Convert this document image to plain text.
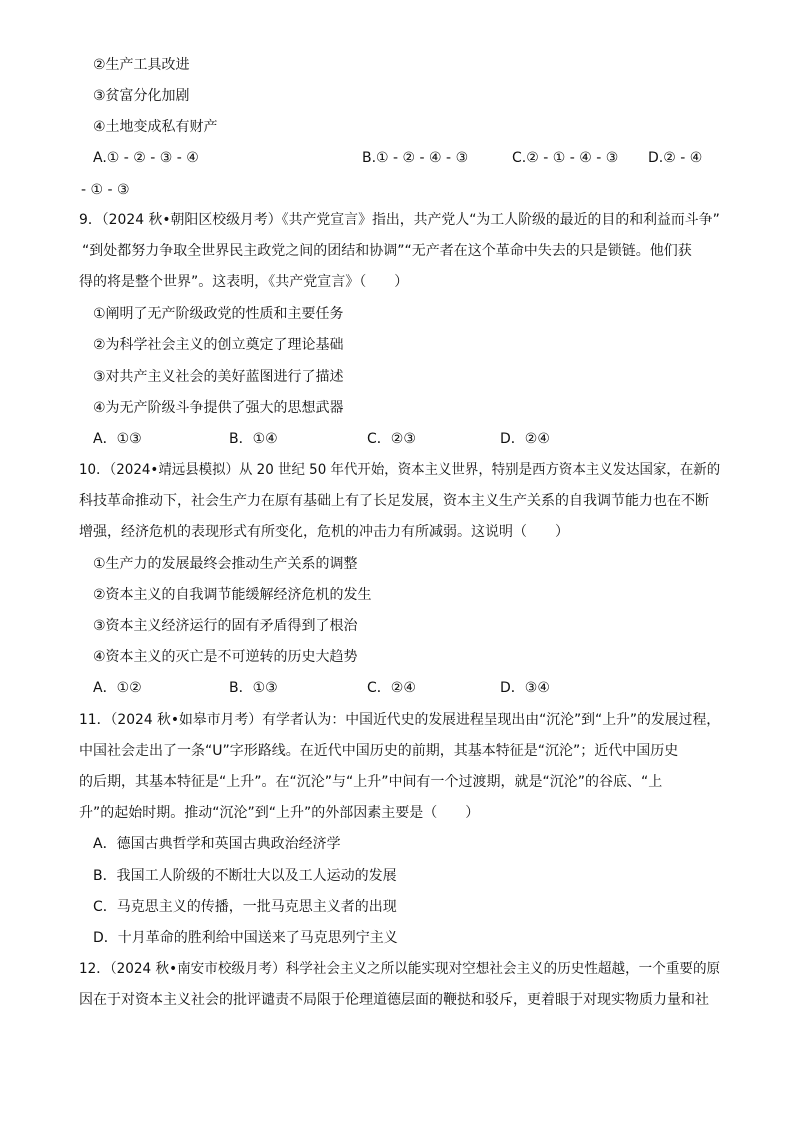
②生产工具改进
③贫富分化加剧
④土地变成私有财产
A.① - ② - ③ - ④	B.① - ② - ④ - ③	C.② - ① - ④ - ③ D.② - ④
- ① - ③
9．（2024 秋•朝阳区校级月考）《共产党宣言》指出，共产党人“为工人阶级的最近的目的和利益而斗争”
“到处都努力争取全世界民主政党之间的团结和协调”“无产者在这个革命中失去的只是锁链。他们获
得的将是整个世界”。这表明，《共产党宣言》（　　）
①阐明了无产阶级政党的性质和主要任务
②为科学社会主义的创立奠定了理论基础
③对共产主义社会的美好蓝图进行了描述
④为无产阶级斗争提供了强大的思想武器
A．①③	B．①④	C．②③	D．②④
10．（2024•靖远县模拟）从 20 世纪 50 年代开始，资本主义世界，特别是西方资本主义发达国家，在新的
科技革命推动下，社会生产力在原有基础上有了长足发展，资本主义生产关系的自我调节能力也在不断
增强，经济危机的表现形式有所变化，危机的冲击力有所减弱。这说明（　　）
①生产力的发展最终会推动生产关系的调整
②资本主义的自我调节能缓解经济危机的发生
③资本主义经济运行的固有矛盾得到了根治
④资本主义的灭亡是不可逆转的历史大趋势
A．①②	B．①③	C．②④	D．③④
11．（2024 秋•如皋市月考）有学者认为：中国近代史的发展进程呈现出由“沉沦”到“上升”的发展过程，
中国社会走出了一条“U”字形路线。在近代中国历史的前期，其基本特征是“沉沦”；近代中国历史
的后期，其基本特征是“上升”。在“沉沦”与“上升”中间有一个过渡期，就是“沉沦”的谷底、“上
升”的起始时期。推动“沉沦”到“上升”的外部因素主要是（　　）
A．德国古典哲学和英国古典政治经济学
B．我国工人阶级的不断壮大以及工人运动的发展
C．马克思主义的传播，一批马克思主义者的出现
D．十月革命的胜利给中国送来了马克思列宁主义
12．（2024 秋•南安市校级月考）科学社会主义之所以能实现对空想社会主义的历史性超越，一个重要的原
因在于对资本主义社会的批评谴责不局限于伦理道德层面的鞭挞和驳斥，更着眼于对现实物质力量和社
